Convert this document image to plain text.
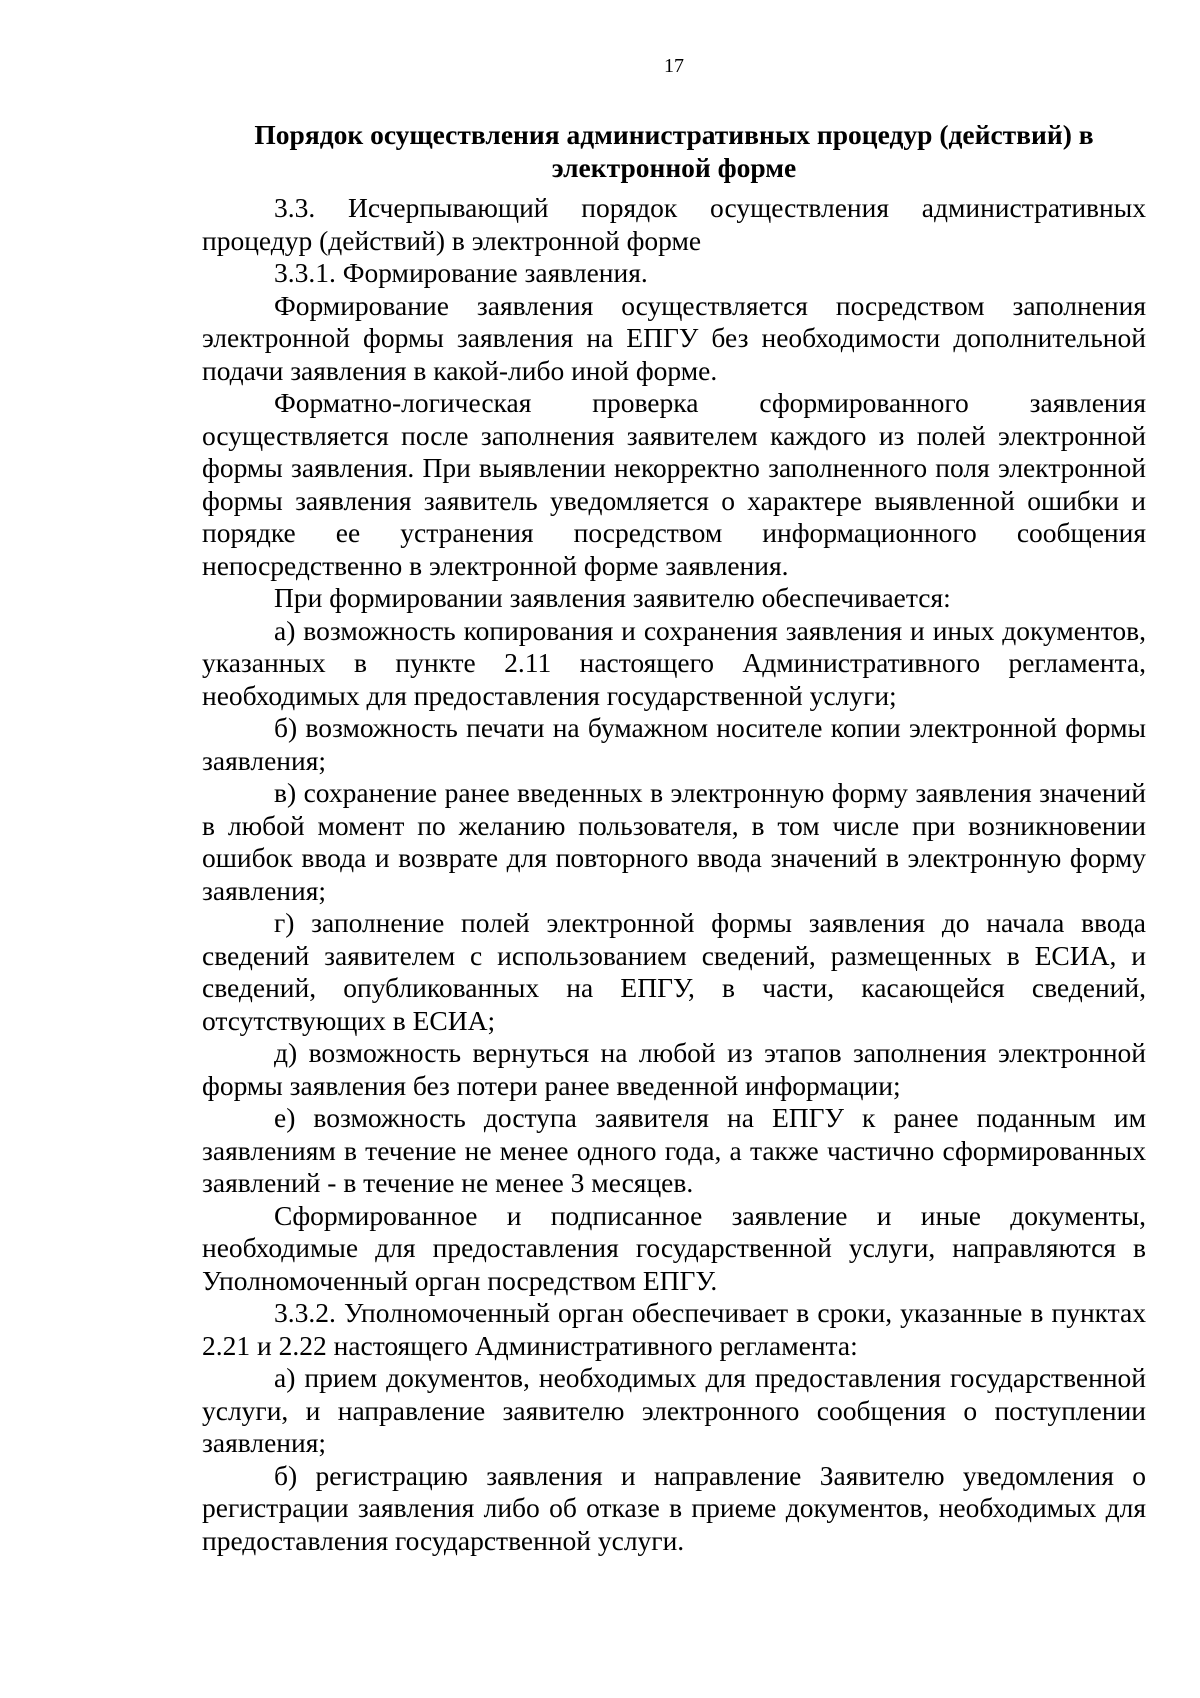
17
Порядок осуществления административных процедур (действий) в
электронной форме

3.3. Исчерпывающий порядок осуществления административных процедур (действий) в электронной форме

3.3.1. Формирование заявления.

Формирование заявления осуществляется посредством заполнения электронной формы заявления на ЕПГУ без необходимости дополнительной подачи заявления в какой-либо иной форме.

Форматно-логическая проверка сформированного заявления осуществляется после заполнения заявителем каждого из полей электронной формы заявления. При выявлении некорректно заполненного поля электронной формы заявления заявитель уведомляется о характере выявленной ошибки и порядке ее устранения посредством информационного сообщения непосредственно в электронной форме заявления.

При формировании заявления заявителю обеспечивается:

а) возможность копирования и сохранения заявления и иных документов, указанных в пункте 2.11 настоящего Административного регламента, необходимых для предоставления государственной услуги;

б) возможность печати на бумажном носителе копии электронной формы заявления;

в) сохранение ранее введенных в электронную форму заявления значений в любой момент по желанию пользователя, в том числе при возникновении ошибок ввода и возврате для повторного ввода значений в электронную форму заявления;

г) заполнение полей электронной формы заявления до начала ввода сведений заявителем с использованием сведений, размещенных в ЕСИА, и сведений, опубликованных на ЕПГУ, в части, касающейся сведений, отсутствующих в ЕСИА;

д) возможность вернуться на любой из этапов заполнения электронной формы заявления без потери ранее введенной информации;

е) возможность доступа заявителя на ЕПГУ к ранее поданным им заявлениям в течение не менее одного года, а также частично сформированных заявлений - в течение не менее 3 месяцев.

Сформированное и подписанное заявление и иные документы, необходимые для предоставления государственной услуги, направляются в Уполномоченный орган посредством ЕПГУ.

3.3.2. Уполномоченный орган обеспечивает в сроки, указанные в пунктах 2.21 и 2.22 настоящего Административного регламента:

а) прием документов, необходимых для предоставления государственной услуги, и направление заявителю электронного сообщения о поступлении заявления;

б) регистрацию заявления и направление Заявителю уведомления о регистрации заявления либо об отказе в приеме документов, необходимых для предоставления государственной услуги.
